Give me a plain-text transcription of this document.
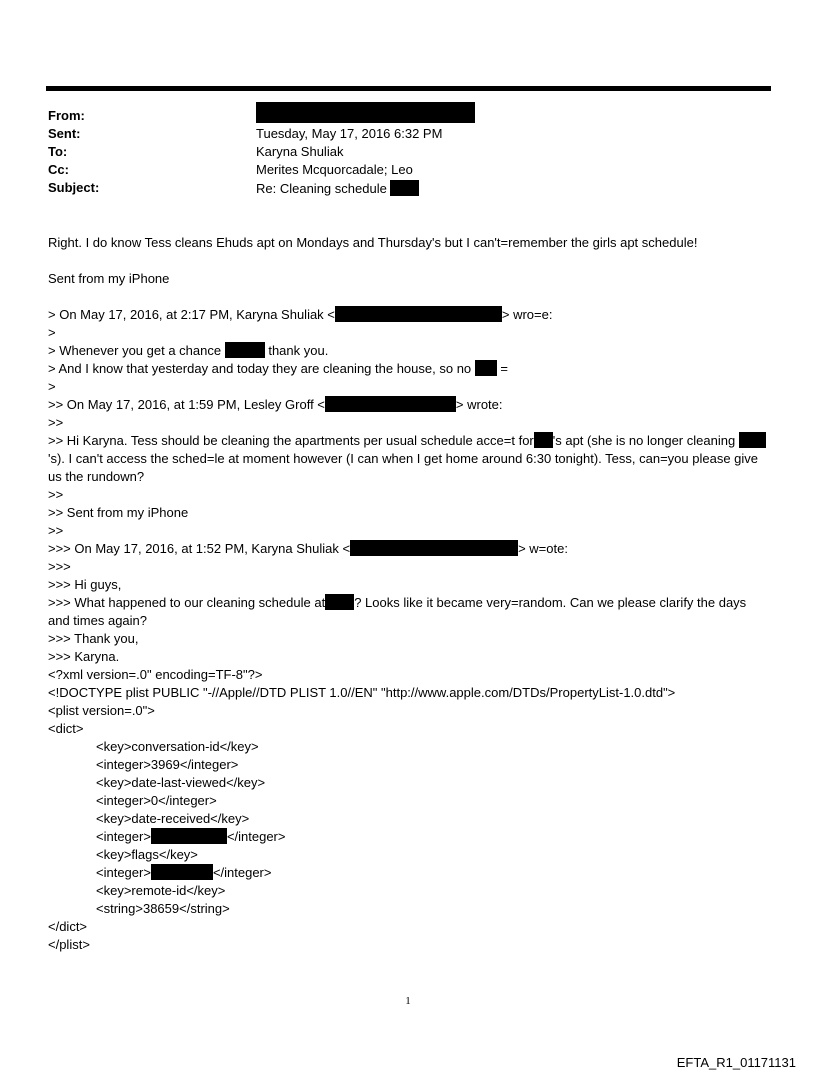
From:
Sent:	Tuesday, May 17, 2016 6:32 PM
To:	Karyna Shuliak
Cc:	Merites Mcquorcadale; Leo
Subject:	Re: Cleaning schedule
Right. I do know Tess cleans Ehuds apt on Mondays and Thursday's but I can't=remember the girls apt schedule!
Sent from my iPhone
> On May 17, 2016, at 2:17 PM, Karyna Shuliak <	> wro=e:
>
> Whenever you get a chance	thank you.
> And I know that yesterday and today they are cleaning the house, so no =
>
>> On May 17, 2016, at 1:59 PM, Lesley Groff <	> wrote:
>>
>> Hi Karyna. Tess should be cleaning the apartments per usual schedule acce=t for 's apt (she is no longer cleaning 's). I can't access the sched=le at moment however (I can when I get home around 6:30 tonight). Tess, can=you please give us the rundown?
>>
>> Sent from my iPhone
>>
>>> On May 17, 2016, at 1:52 PM, Karyna Shuliak <	> w=ote:
>>>
>>> Hi guys,
>>> What happened to our cleaning schedule at ? Looks like it became very=random. Can we please clarify the days and times again?
>>> Thank you,
>>> Karyna.
<?xml version=.0" encoding=TF-8"?>
<!DOCTYPE plist PUBLIC "-//Apple//DTD PLIST 1.0//EN" "http://www.apple.com/DTDs/PropertyList-1.0.dtd">
<plist version=.0">
<dict>
<key>conversation-id</key>
<integer>3969</integer>
<key>date-last-viewed</key>
<integer>0</integer>
<key>date-received</key>
<integer>	</integer>
<key>flags</key>
<integer>	</integer>
<key>remote-id</key>
<string>38659</string>
</dict>
</plist>
1
EFTA_R1_01171131
